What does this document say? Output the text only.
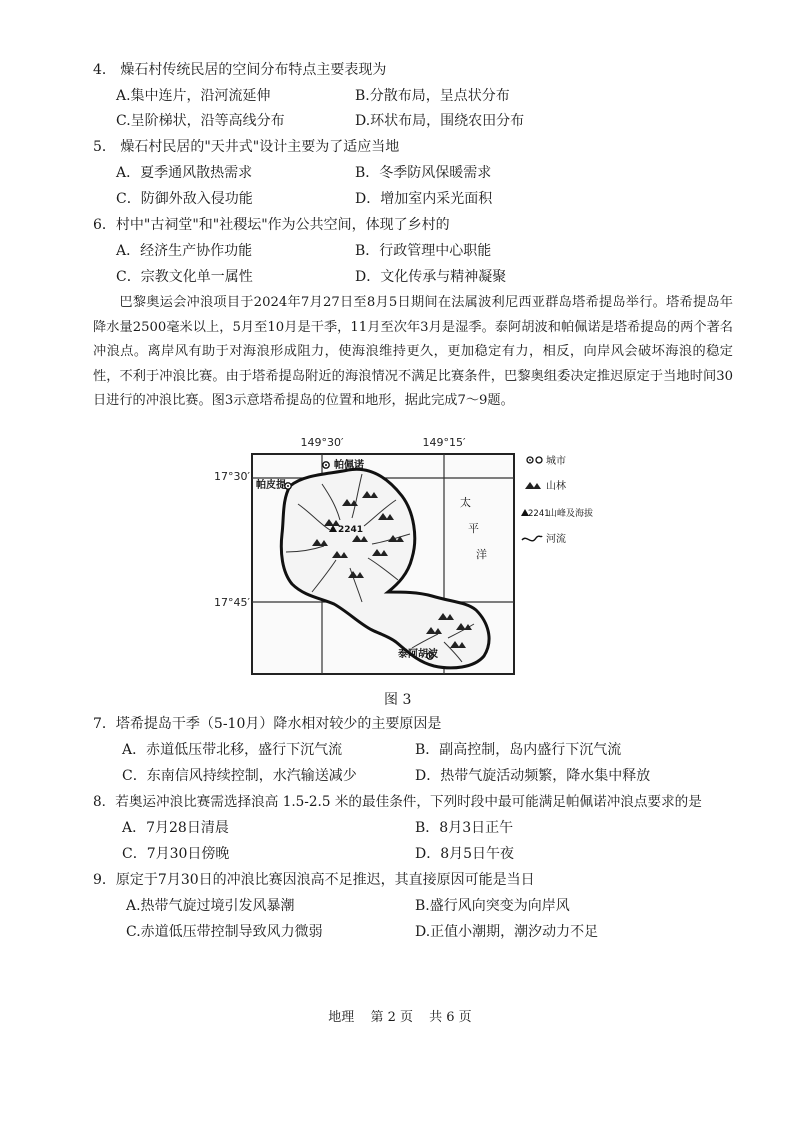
4． 燥石村传统民居的空间分布特点主要表现为
A.集中连片，沿河流延伸	B.分散布局，呈点状分布
C.呈阶梯状，沿等高线分布	D.环状布局，围绕农田分布
5． 燥石村民居的"天井式"设计主要为了适应当地
A．夏季通风散热需求	B．冬季防风保暖需求
C．防御外敌入侵功能	D．增加室内采光面积
6．村中"古祠堂"和"社稷坛"作为公共空间，体现了乡村的
A．经济生产协作功能	B．行政管理中心职能
C．宗教文化单一属性	D．文化传承与精神凝聚

巴黎奥运会冲浪项目于2024年7月27日至8月5日期间在法属波利尼西亚群岛塔希提岛举行。塔希提岛年降水量2500毫米以上，5月至10月是干季，11月至次年3月是湿季。泰阿胡波和帕佩诺是塔希提岛的两个著名冲浪点。离岸风有助于对海浪形成阻力，使海浪维持更久，更加稳定有力，相反，向岸风会破坏海浪的稳定性，不利于冲浪比赛。由于塔希提岛附近的海浪情况不满足比赛条件，巴黎奥组委决定推迟原定于当地时间30日进行的冲浪比赛。图3示意塔希提岛的位置和地形，据此完成7～9题。

149°30′	149°15′
17°30′
17°45′
2241
帕佩诺
帕皮提
泰阿胡波
太
平
洋
城市
山林
2241
山峰及海拔
河流
图 3
7．塔希提岛干季（5-10月）降水相对较少的主要原因是
A．赤道低压带北移，盛行下沉气流	B．副高控制，岛内盛行下沉气流
C．东南信风持续控制，水汽输送减少	D．热带气旋活动频繁，降水集中释放
8．若奥运冲浪比赛需选择浪高 1.5-2.5 米的最佳条件，下列时段中最可能满足帕佩诺冲浪点要求的是
A．7月28日清晨	B．8月3日正午
C．7月30日傍晚	D．8月5日午夜
9．原定于7月30日的冲浪比赛因浪高不足推迟，其直接原因可能是当日
A.热带气旋过境引发风暴潮	B.盛行风向突变为向岸风
C.赤道低压带控制导致风力微弱	D.正值小潮期，潮汐动力不足
地理 第 2 页 共 6 页
